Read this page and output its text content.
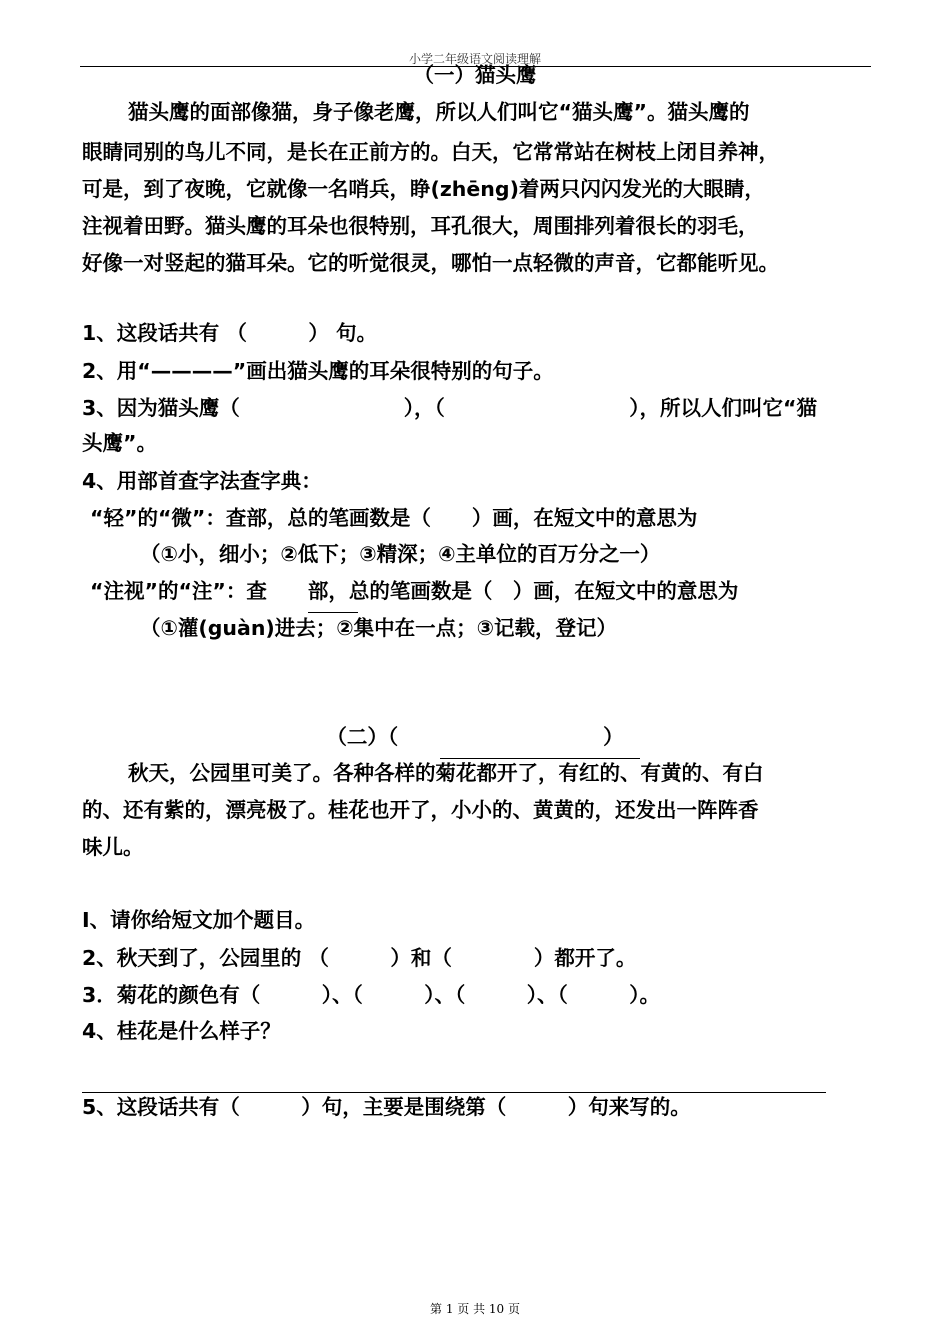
小学二年级语文阅读理解
（一）猫头鹰
猫头鹰的面部像猫，身子像老鹰，所以人们叫它“猫头鹰”。猫头鹰的
眼睛同别的鸟儿不同，是长在正前方的。白天，它常常站在树枝上闭目养神，
可是，到了夜晚，它就像一名哨兵，睁(zhēng)着两只闪闪发光的大眼睛，
注视着田野。猫头鹰的耳朵也很特别，耳孔很大，周围排列着很长的羽毛，
好像一对竖起的猫耳朵。它的听觉很灵，哪怕一点轻微的声音，它都能听见。
1、这段话共有 （　　　） 句。
2、用“————”画出猫头鹰的耳朵很特别的句子。
3、因为猫头鹰（　　　　　　　　），（　　　　　　　　　），所以人们叫它“猫
头鹰”。
4、用部首查字法查字典：
“轻”的“微”：查部，总的笔画数是（　　）画，在短文中的意思为
（①小，细小；②低下；③精深；④主单位的百万分之一）
“注视”的“注”：查　　部，总的笔画数是（　）画，在短文中的意思为
（①灌(guàn)进去；②集中在一点；③记载，登记）
（二）（　　　　　　　　　　）
秋天，公园里可美了。各种各样的菊花都开了，有红的、有黄的、有白
的、还有紫的，漂亮极了。桂花也开了，小小的、黄黄的，还发出一阵阵香
味儿。
I、请你给短文加个题目。
2、秋天到了，公园里的 （　　　）和（　　　　）都开了。
3．菊花的颜色有（　　　）、（　　　）、（　　　）、（　　　）。
4、桂花是什么样子？
5、这段话共有（　　　）句，主要是围绕第（　　　）句来写的。
第 1 页 共 10 页
